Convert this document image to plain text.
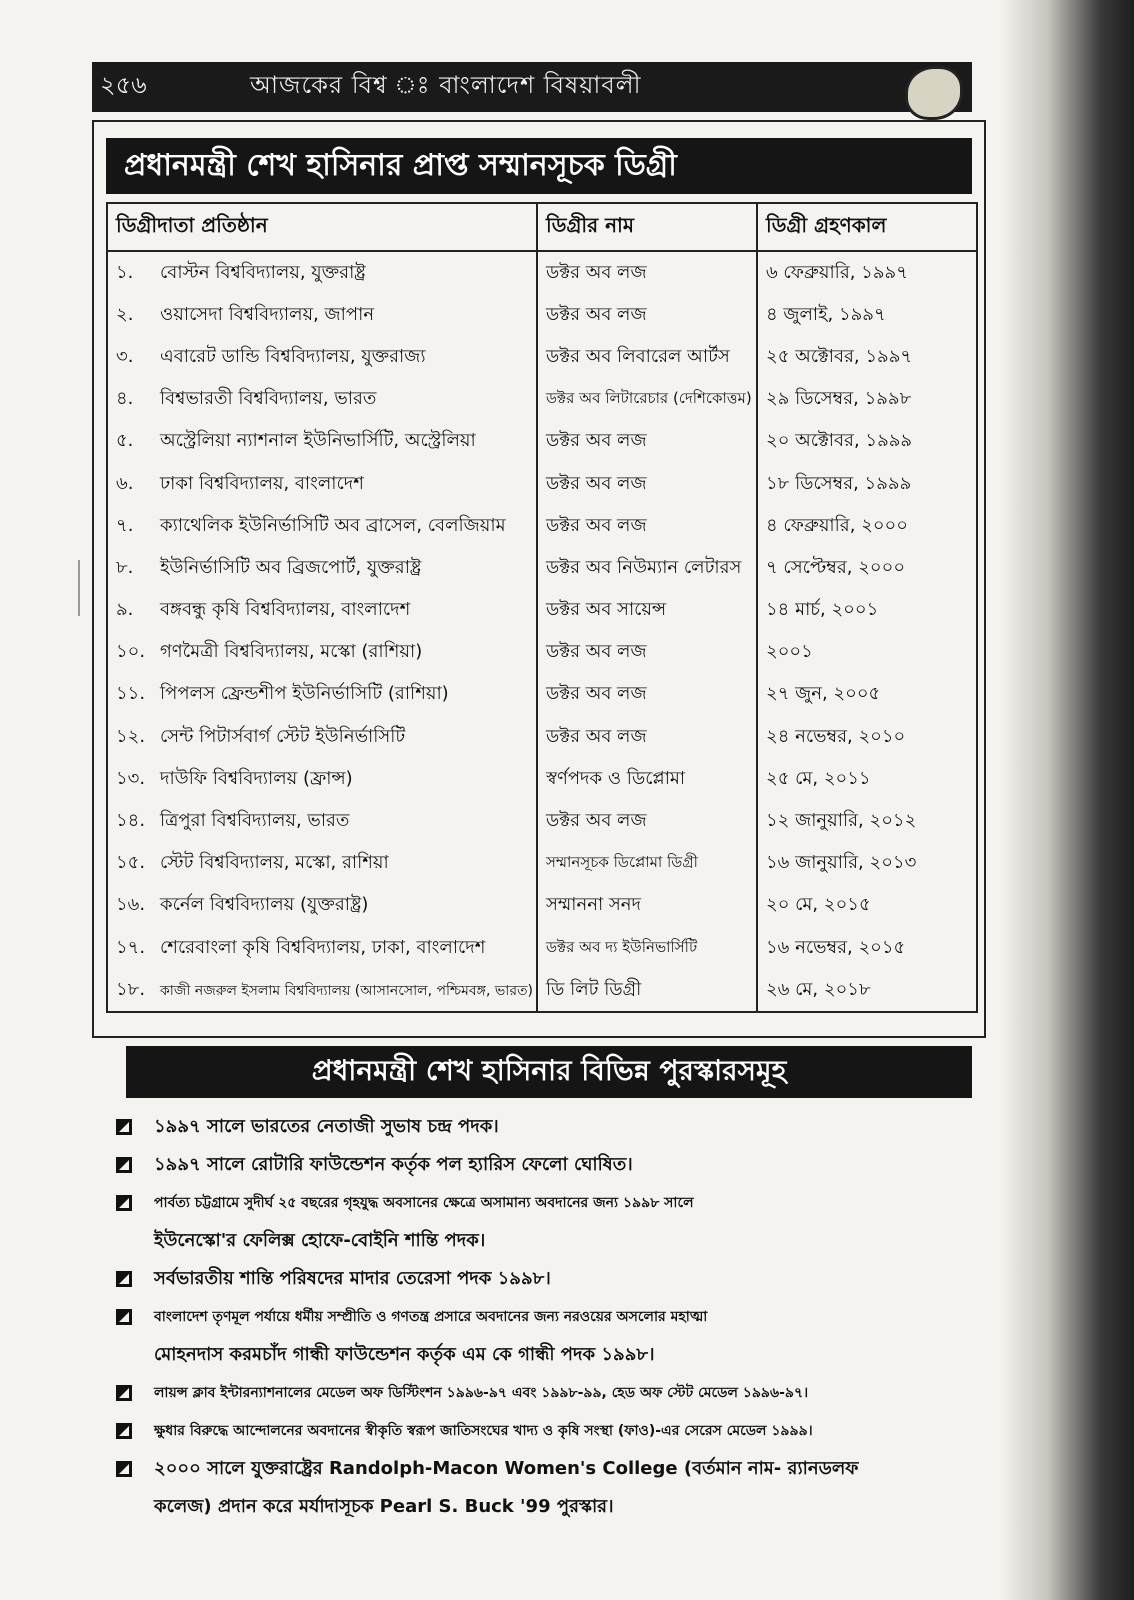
২৫৬	আজকের বিশ্ব ঃ বাংলাদেশ বিষয়াবলী
প্রধানমন্ত্রী শেখ হাসিনার প্রাপ্ত সম্মানসূচক ডিগ্রী
ডিগ্রীদাতা প্রতিষ্ঠান	ডিগ্রীর নাম	ডিগ্রী গ্রহণকাল
১. বোস্টন বিশ্ববিদ্যালয়, যুক্তরাষ্ট্র	ডক্টর অব লজ	৬ ফেব্রুয়ারি, ১৯৯৭
২. ওয়াসেদা বিশ্ববিদ্যালয়, জাপান	ডক্টর অব লজ	৪ জুলাই, ১৯৯৭
৩. এবারেট ডান্ডি বিশ্ববিদ্যালয়, যুক্তরাজ্য	ডক্টর অব লিবারেল আর্টস	২৫ অক্টোবর, ১৯৯৭
৪. বিশ্বভারতী বিশ্ববিদ্যালয়, ভারত	ডক্টর অব লিটারেচার (দেশিকোত্তম)	২৯ ডিসেম্বর, ১৯৯৮
৫. অস্ট্রেলিয়া ন্যাশনাল ইউনিভার্সিটি, অস্ট্রেলিয়া	ডক্টর অব লজ	২০ অক্টোবর, ১৯৯৯
৬. ঢাকা বিশ্ববিদ্যালয়, বাংলাদেশ	ডক্টর অব লজ	১৮ ডিসেম্বর, ১৯৯৯
৭. ক্যাথেলিক ইউনির্ভাসিটি অব ব্রাসেল, বেলজিয়াম	ডক্টর অব লজ	৪ ফেব্রুয়ারি, ২০০০
৮. ইউনির্ভাসিটি অব ব্রিজপোর্ট, যুক্তরাষ্ট্র	ডক্টর অব নিউম্যান লেটারস	৭ সেপ্টেম্বর, ২০০০
৯. বঙ্গবন্ধু কৃষি বিশ্ববিদ্যালয়, বাংলাদেশ	ডক্টর অব সায়েন্স	১৪ মার্চ, ২০০১
১০. গণমৈত্রী বিশ্ববিদ্যালয়, মস্কো (রাশিয়া)	ডক্টর অব লজ	২০০১
১১. পিপলস ফ্রেন্ডশীপ ইউনির্ভাসিটি (রাশিয়া)	ডক্টর অব লজ	২৭ জুন, ২০০৫
১২. সেন্ট পিটার্সবার্গ স্টেট ইউনির্ভাসিটি	ডক্টর অব লজ	২৪ নভেম্বর, ২০১০
১৩. দাউফি বিশ্ববিদ্যালয় (ফ্রান্স)	স্বর্ণপদক ও ডিপ্লোমা	২৫ মে, ২০১১
১৪. ত্রিপুরা বিশ্ববিদ্যালয়, ভারত	ডক্টর অব লজ	১২ জানুয়ারি, ২০১২
১৫. স্টেট বিশ্ববিদ্যালয়, মস্কো, রাশিয়া	সম্মানসূচক ডিপ্লোমা ডিগ্রী	১৬ জানুয়ারি, ২০১৩
১৬. কর্নেল বিশ্ববিদ্যালয় (যুক্তরাষ্ট্র)	সম্মাননা সনদ	২০ মে, ২০১৫
১৭. শেরেবাংলা কৃষি বিশ্ববিদ্যালয়, ঢাকা, বাংলাদেশ	ডক্টর অব দ্য ইউনিভার্সিটি	১৬ নভেম্বর, ২০১৫
১৮. কাজী নজরুল ইসলাম বিশ্ববিদ্যালয় (আসানসোল, পশ্চিমবঙ্গ, ভারত)	ডি লিট ডিগ্রী	২৬ মে, ২০১৮
প্রধানমন্ত্রী শেখ হাসিনার বিভিন্ন পুরস্কারসমূহ
১৯৯৭ সালে ভারতের নেতাজী সুভাষ চন্দ্র পদক।
১৯৯৭ সালে রোটারি ফাউন্ডেশন কর্তৃক পল হ্যারিস ফেলো ঘোষিত।
পার্বত্য চট্টগ্রামে সুদীর্ঘ ২৫ বছরের গৃহযুদ্ধ অবসানের ক্ষেত্রে অসামান্য অবদানের জন্য ১৯৯৮ সালে
ইউনেস্কো'র ফেলিক্স হোফে-বোইনি শান্তি পদক।
সর্বভারতীয় শান্তি পরিষদের মাদার তেরেসা পদক ১৯৯৮।
বাংলাদেশ তৃণমূল পর্যায়ে ধর্মীয় সম্প্রীতি ও গণতন্ত্র প্রসারে অবদানের জন্য নরওয়ের অসলোর মহাত্মা
মোহনদাস করমচাঁদ গান্ধী ফাউন্ডেশন কর্তৃক এম কে গান্ধী পদক ১৯৯৮।
লায়ন্স ক্লাব ইন্টারন্যাশনালের মেডেল অফ ডিস্টিংশন ১৯৯৬-৯৭ এবং ১৯৯৮-৯৯, হেড অফ স্টেট মেডেল ১৯৯৬-৯৭।
ক্ষুধার বিরুদ্ধে আন্দোলনের অবদানের স্বীকৃতি স্বরূপ জাতিসংঘের খাদ্য ও কৃষি সংস্থা (ফাও)-এর সেরেস মেডেল ১৯৯৯।
২০০০ সালে যুক্তরাষ্ট্রের Randolph-Macon Women's College (বর্তমান নাম- র‍্যানডলফ
কলেজ) প্রদান করে মর্যাদাসূচক Pearl S. Buck '99 পুরস্কার।
